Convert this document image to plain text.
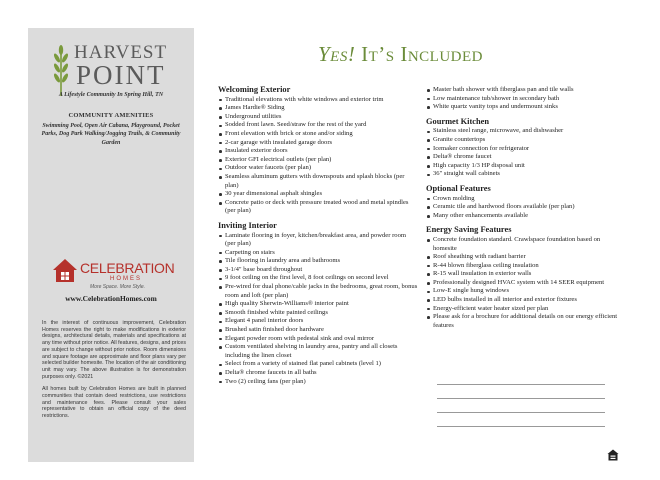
HARVEST
POINT
A Lifestyle Community In Spring Hill, TN
COMMUNITY AMENITIES
Swimming Pool, Open Air Cabana, Playground, Pocket Parks, Dog Park Walking/Jogging Trails, & Community Garden
CELEBRATION
HOMES
More Space. More Style.
www.CelebrationHomes.com

In the interest of continuous improvement, Celebration Homes reserves the right to make modifications in exterior designs, architectural details, materials and specifications at any time without prior notice. All features, designs, and prices are subject to change without prior notice. Room dimensions and square footage are approximate and floor plans vary per selected builder homesite. The location of the air conditioning unit may vary. The above illustration is for demonstration purposes only. ©2021

All homes built by Celebration Homes are built in planned communities that contain deed restrictions, use restrictions and maintenance fees. Please consult your sales representative to obtain an official copy of the deed restrictions.

Yes! It’s Included
Welcoming Exterior
Traditional elevations with white windows and exterior trim
James Hardie® Siding
Underground utilities
Sodded front lawn. Seed/straw for the rest of the yard
Front elevation with brick or stone and/or siding
2-car garage with insulated garage doors
Insulated exterior doors
Exterior GFI electrical outlets (per plan)
Outdoor water faucets (per plan)
Seamless aluminum gutters with downspouts and splash blocks (per plan)
30 year dimensional asphalt shingles
Concrete patio or deck with pressure treated wood and metal spindles (per plan)
Inviting Interior
Laminate flooring in foyer, kitchen/breakfast area, and powder room (per plan)
Carpeting on stairs
Tile flooring in laundry area and bathrooms
3-1/4" base board throughout
9 foot ceiling on the first level, 8 foot ceilings on second level
Pre-wired for dual phone/cable jacks in the bedrooms, great room, bonus room and loft (per plan)
High quality Sherwin-Williams® interior paint
Smooth finished white painted ceilings
Elegant 4 panel interior doors
Brushed satin finished door hardware
Elegant powder room with pedestal sink and oval mirror
Custom ventilated shelving in laundry area, pantry and all closets including the linen closet
Select from a variety of stained flat panel cabinets (level 1)
Delta® chrome faucets in all baths
Two (2) ceiling fans (per plan)
Master bath shower with fiberglass pan and tile walls
Low maintenance tub/shower in secondary bath
White quartz vanity tops and undermount sinks
Gourmet Kitchen
Stainless steel range, microwave, and dishwasher
Granite countertops
Icemaker connection for refrigerator
Delta® chrome faucet
High capacity 1/3 HP disposal unit
36" straight wall cabinets
Optional Features
Crown molding
Ceramic tile and hardwood floors available (per plan)
Many other enhancements available
Energy Saving Features
Concrete foundation standard. Crawlspace foundation based on homesite
Roof sheathing with radiant barrier
R-44 blown fiberglass ceiling insulation
R-15 wall insulation in exterior walls
Professionally designed HVAC system with 14 SEER equipment
Low-E single hung windows
LED bulbs installed in all interior and exterior fixtures
Energy-efficient water heater sized per plan
Please ask for a brochure for additional details on our energy efficient features
